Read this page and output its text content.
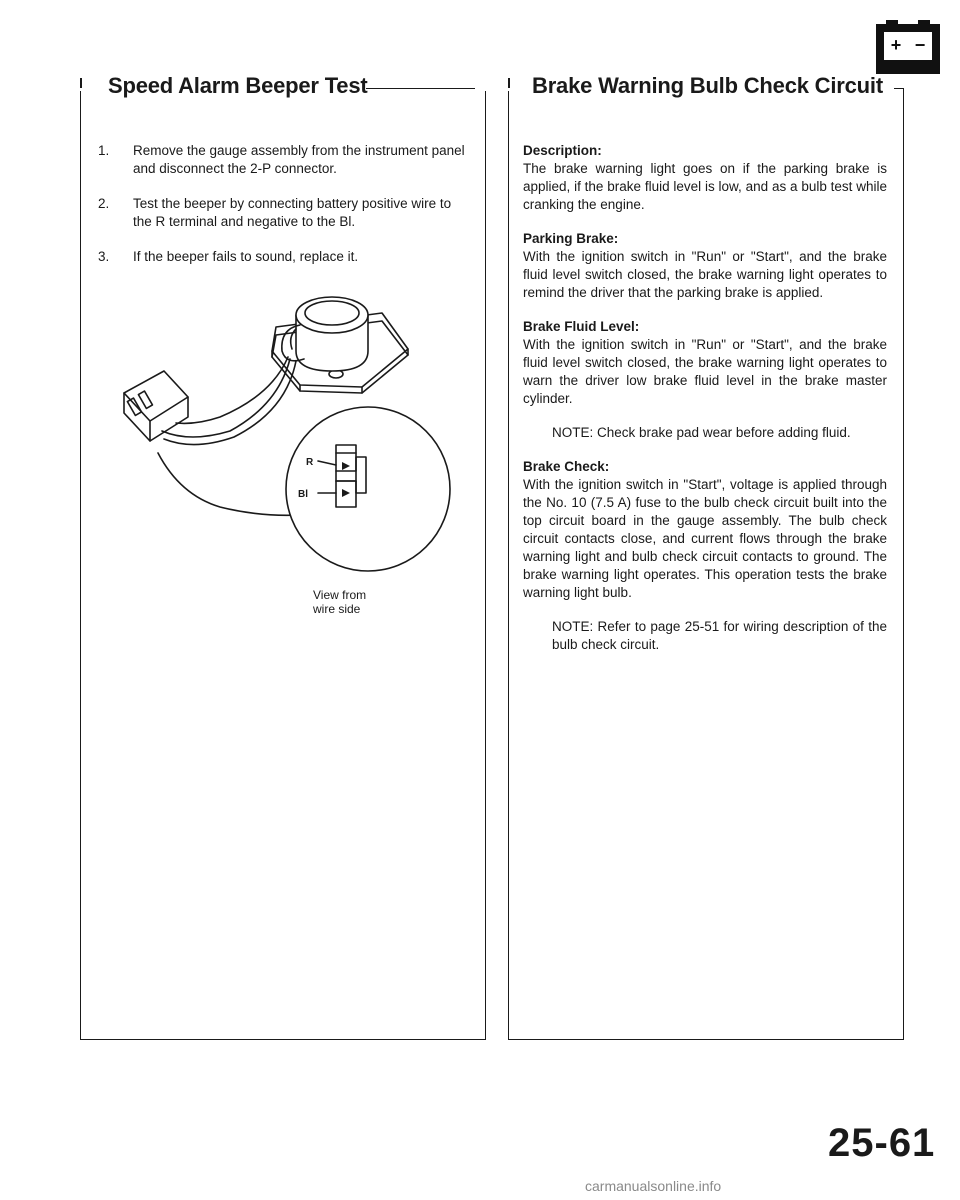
+ −
Speed Alarm Beeper Test
1. Remove the gauge assembly from the instrument panel and disconnect the 2-P connector.
2. Test the beeper by connecting battery positive wire to the R terminal and negative to the Bl.
3. If the beeper fails to sound, replace it.
R
Bl
View from
wire side
Brake Warning Bulb Check Circuit
Description:
The brake warning light goes on if the parking brake is applied, if the brake fluid level is low, and as a bulb test while cranking the engine.
Parking Brake:
With the ignition switch in "Run" or "Start", and the brake fluid level switch closed, the brake warning light operates to remind the driver that the parking brake is applied.
Brake Fluid Level:
With the ignition switch in "Run" or "Start", and the brake fluid level switch closed, the brake warning light operates to warn the driver low brake fluid level in the brake master cylinder.
NOTE: Check brake pad wear before adding fluid.
Brake Check:
With the ignition switch in "Start", voltage is applied through the No. 10 (7.5 A) fuse to the bulb check circuit built into the top circuit board in the gauge assembly. The bulb check circuit contacts close, and current flows through the brake warning light and bulb check circuit contacts to ground. The brake warning light operates. This operation tests the brake warning light bulb.
NOTE: Refer to page 25-51 for wiring description of the bulb check circuit.
25-61
carmanualsonline.info
